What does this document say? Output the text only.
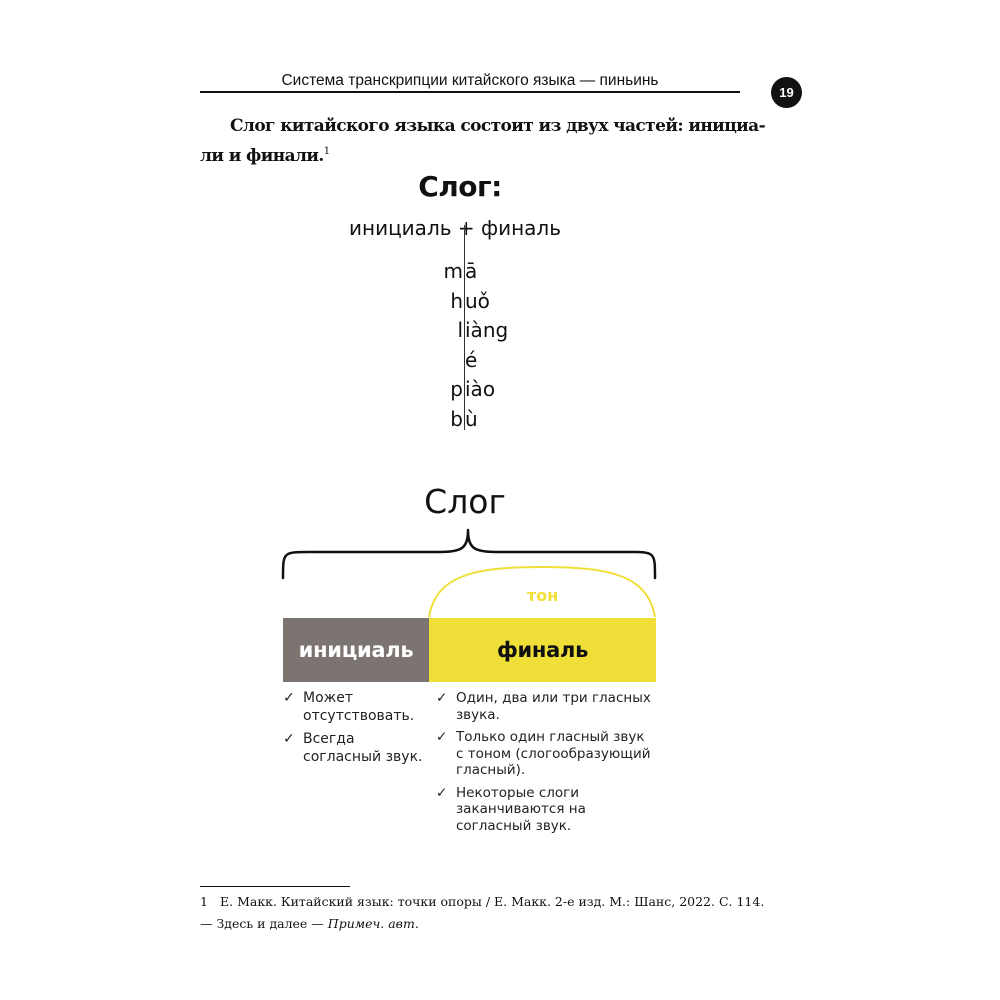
Система транскрипции китайского языка — пиньинь
19

Слог китайского языка состоит из двух частей: инициа-
ли и финали.$^1$

Слог:
инициаль + финаль
m ā
h uǒ
l iàng
é
p iào
b ù
Слог
тон
инициаль	финаль
✓ Может отсутствовать.
✓ Всегда согласный звук.
✓ Один, два или три гласных звука.
✓ Только один гласный звук с тоном (слогообразующий гласный).
✓ Некоторые слоги заканчиваются на согласный звук.

1 Е. Макк. Китайский язык: точки опоры / Е. Макк. 2-е изд. М.: Шанс, 2022. С. 114. — Здесь и далее — Примеч. авт.
